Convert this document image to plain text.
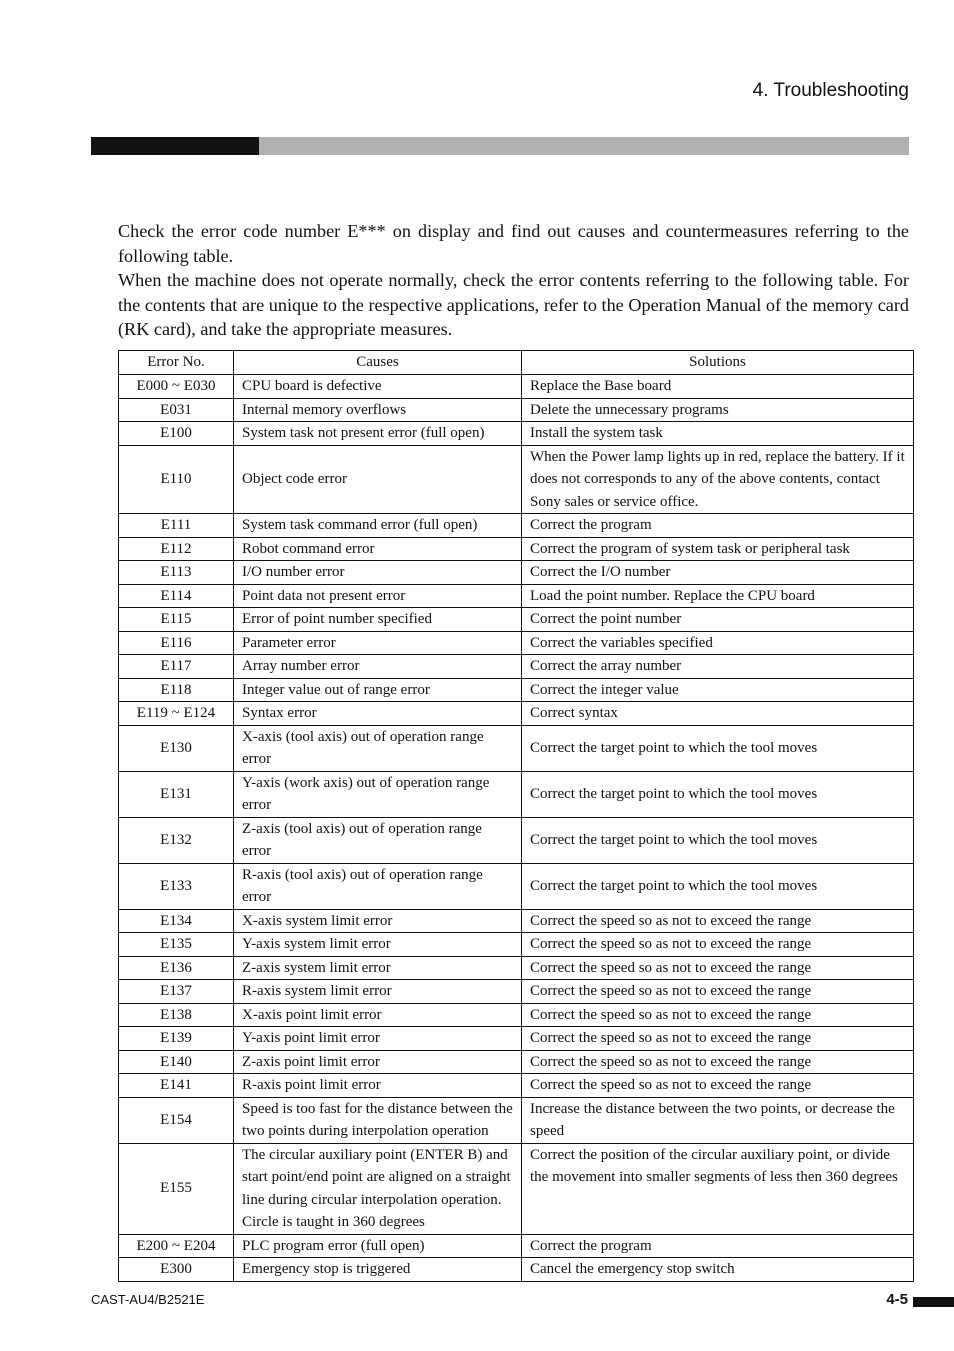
4. Troubleshooting

Check the error code number E*** on display and find out causes and countermeasures referring to the following table.

When the machine does not operate normally, check the error contents referring to the following table. For the contents that are unique to the respective applications, refer to the Operation Manual of the memory card (RK card), and take the appropriate measures.

Error No.	Causes	Solutions
E000 ~ E030	CPU board is defective	Replace the Base board
E031	Internal memory overflows	Delete the unnecessary programs
E100	System task not present error (full open)	Install the system task
E110	Object code error	When the Power lamp lights up in red, replace the battery. If it does not corresponds to any of the above contents, contact Sony sales or service office.
E111	System task command error (full open)	Correct the program
E112	Robot command error	Correct the program of system task or peripheral task
E113	I/O number error	Correct the I/O number
E114	Point data not present error	Load the point number. Replace the CPU board
E115	Error of point number specified	Correct the point number
E116	Parameter error	Correct the variables specified
E117	Array number error	Correct the array number
E118	Integer value out of range error	Correct the integer value
E119 ~ E124	Syntax error	Correct syntax
E130	X-axis (tool axis) out of operation range error	Correct the target point to which the tool moves
E131	Y-axis (work axis) out of operation range error	Correct the target point to which the tool moves
E132	Z-axis (tool axis) out of operation range error	Correct the target point to which the tool moves
E133	R-axis (tool axis) out of operation range error	Correct the target point to which the tool moves
E134	X-axis system limit error	Correct the speed so as not to exceed the range
E135	Y-axis system limit error	Correct the speed so as not to exceed the range
E136	Z-axis system limit error	Correct the speed so as not to exceed the range
E137	R-axis system limit error	Correct the speed so as not to exceed the range
E138	X-axis point limit error	Correct the speed so as not to exceed the range
E139	Y-axis point limit error	Correct the speed so as not to exceed the range
E140	Z-axis point limit error	Correct the speed so as not to exceed the range
E141	R-axis point limit error	Correct the speed so as not to exceed the range
E154	Speed is too fast for the distance between the two points during interpolation operation	Increase the distance between the two points, or decrease the speed
E155	The circular auxiliary point (ENTER B) and start point/end point are aligned on a straight line during circular interpolation operation. Circle is taught in 360 degrees	Correct the position of the circular auxiliary point, or divide the movement into smaller segments of less then 360 degrees
E200 ~ E204	PLC program error (full open)	Correct the program
E300	Emergency stop is triggered	Cancel the emergency stop switch
CAST-AU4/B2521E	4-5
